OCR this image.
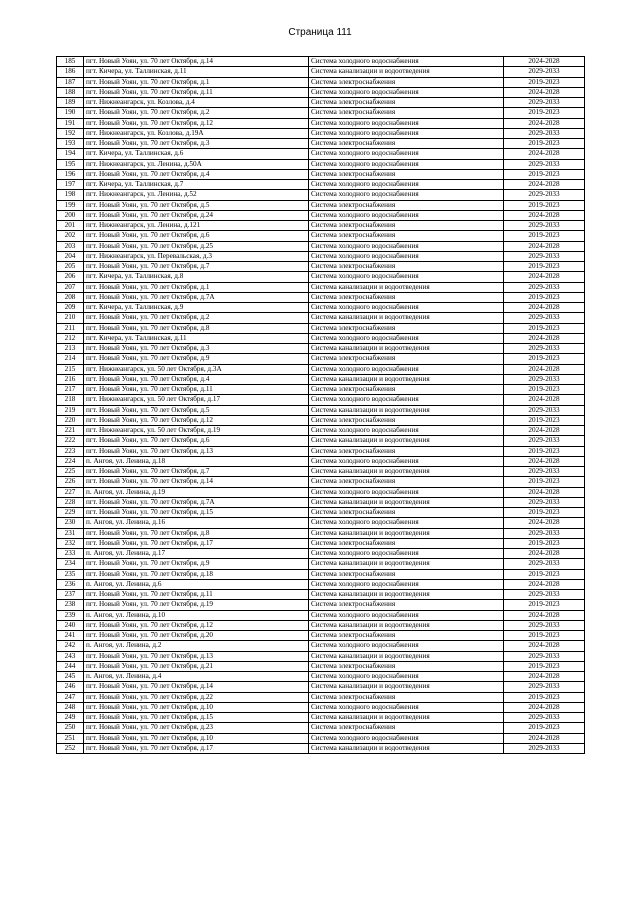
Страница 111
185	пгт. Новый Уоян, ул. 70 лет Октября, д.14	Система холодного водоснабжения	2024-2028
186	пгт. Кичера, ул. Таллинская, д.11	Система канализации и водоотведения	2029-2033
187	пгт. Новый Уоян, ул. 70 лет Октября, д.1	Система электроснабжения	2019-2023
188	пгт. Новый Уоян, ул. 70 лет Октября, д.11	Система холодного водоснабжения	2024-2028
189	пгт. Нижнеангарск, ул. Козлова, д.4	Система электроснабжения	2029-2033
190	пгт. Новый Уоян, ул. 70 лет Октября, д.2	Система электроснабжения	2019-2023
191	пгт. Новый Уоян, ул. 70 лет Октября, д.12	Система холодного водоснабжения	2024-2028
192	пгт. Нижнеангарск, ул. Козлова, д.19А	Система холодного водоснабжения	2029-2033
193	пгт. Новый Уоян, ул. 70 лет Октября, д.3	Система электроснабжения	2019-2023
194	пгт. Кичера, ул. Таллинская, д.6	Система холодного водоснабжения	2024-2028
195	пгт. Нижнеангарск, ул. Ленина, д.50А	Система холодного водоснабжения	2029-2033
196	пгт. Новый Уоян, ул. 70 лет Октября, д.4	Система электроснабжения	2019-2023
197	пгт. Кичера, ул. Таллинская, д.7	Система холодного водоснабжения	2024-2028
198	пгт. Нижнеангарск, ул. Ленина, д.52	Система холодного водоснабжения	2029-2033
199	пгт. Новый Уоян, ул. 70 лет Октября, д.5	Система электроснабжения	2019-2023
200	пгт. Новый Уоян, ул. 70 лет Октября, д.24	Система холодного водоснабжения	2024-2028
201	пгт. Нижнеангарск, ул. Ленина, д.121	Система электроснабжения	2029-2033
202	пгт. Новый Уоян, ул. 70 лет Октября, д.6	Система электроснабжения	2019-2023
203	пгт. Новый Уоян, ул. 70 лет Октября, д.25	Система холодного водоснабжения	2024-2028
204	пгт. Нижнеангарск, ул. Перевальская, д.3	Система холодного водоснабжения	2029-2033
205	пгт. Новый Уоян, ул. 70 лет Октября, д.7	Система электроснабжения	2019-2023
206	пгт. Кичера, ул. Таллинская, д.8	Система холодного водоснабжения	2024-2028
207	пгт. Новый Уоян, ул. 70 лет Октября, д.1	Система канализации и водоотведения	2029-2033
208	пгт. Новый Уоян, ул. 70 лет Октября, д.7А	Система электроснабжения	2019-2023
209	пгт. Кичера, ул. Таллинская, д.9	Система холодного водоснабжения	2024-2028
210	пгт. Новый Уоян, ул. 70 лет Октября, д.2	Система канализации и водоотведения	2029-2033
211	пгт. Новый Уоян, ул. 70 лет Октября, д.8	Система электроснабжения	2019-2023
212	пгт. Кичера, ул. Таллинская, д.11	Система холодного водоснабжения	2024-2028
213	пгт. Новый Уоян, ул. 70 лет Октября, д.3	Система канализации и водоотведения	2029-2033
214	пгт. Новый Уоян, ул. 70 лет Октября, д.9	Система электроснабжения	2019-2023
215	пгт. Нижнеангарск, ул. 50 лет Октября, д.3А	Система холодного водоснабжения	2024-2028
216	пгт. Новый Уоян, ул. 70 лет Октября, д.4	Система канализации и водоотведения	2029-2033
217	пгт. Новый Уоян, ул. 70 лет Октября, д.11	Система электроснабжения	2019-2023
218	пгт. Нижнеангарск, ул. 50 лет Октября, д.17	Система холодного водоснабжения	2024-2028
219	пгт. Новый Уоян, ул. 70 лет Октября, д.5	Система канализации и водоотведения	2029-2033
220	пгт. Новый Уоян, ул. 70 лет Октября, д.12	Система электроснабжения	2019-2023
221	пгт. Нижнеангарск, ул. 50 лет Октября, д.19	Система холодного водоснабжения	2024-2028
222	пгт. Новый Уоян, ул. 70 лет Октября, д.6	Система канализации и водоотведения	2029-2033
223	пгт. Новый Уоян, ул. 70 лет Октября, д.13	Система электроснабжения	2019-2023
224	п. Ангоя, ул. Ленина, д.18	Система холодного водоснабжения	2024-2028
225	пгт. Новый Уоян, ул. 70 лет Октября, д.7	Система канализации и водоотведения	2029-2033
226	пгт. Новый Уоян, ул. 70 лет Октября, д.14	Система электроснабжения	2019-2023
227	п. Ангоя, ул. Ленина, д.19	Система холодного водоснабжения	2024-2028
228	пгт. Новый Уоян, ул. 70 лет Октября, д.7А	Система канализации и водоотведения	2029-2033
229	пгт. Новый Уоян, ул. 70 лет Октября, д.15	Система электроснабжения	2019-2023
230	п. Ангоя, ул. Ленина, д.16	Система холодного водоснабжения	2024-2028
231	пгт. Новый Уоян, ул. 70 лет Октября, д.8	Система канализации и водоотведения	2029-2033
232	пгт. Новый Уоян, ул. 70 лет Октября, д.17	Система электроснабжения	2019-2023
233	п. Ангоя, ул. Ленина, д.17	Система холодного водоснабжения	2024-2028
234	пгт. Новый Уоян, ул. 70 лет Октября, д.9	Система канализации и водоотведения	2029-2033
235	пгт. Новый Уоян, ул. 70 лет Октября, д.18	Система электроснабжения	2019-2023
236	п. Ангоя, ул. Ленина, д.6	Система холодного водоснабжения	2024-2028
237	пгт. Новый Уоян, ул. 70 лет Октября, д.11	Система канализации и водоотведения	2029-2033
238	пгт. Новый Уоян, ул. 70 лет Октября, д.19	Система электроснабжения	2019-2023
239	п. Ангоя, ул. Ленина, д.10	Система холодного водоснабжения	2024-2028
240	пгт. Новый Уоян, ул. 70 лет Октября, д.12	Система канализации и водоотведения	2029-2033
241	пгт. Новый Уоян, ул. 70 лет Октября, д.20	Система электроснабжения	2019-2023
242	п. Ангоя, ул. Ленина, д.2	Система холодного водоснабжения	2024-2028
243	пгт. Новый Уоян, ул. 70 лет Октября, д.13	Система канализации и водоотведения	2029-2033
244	пгт. Новый Уоян, ул. 70 лет Октября, д.21	Система электроснабжения	2019-2023
245	п. Ангоя, ул. Ленина, д.4	Система холодного водоснабжения	2024-2028
246	пгт. Новый Уоян, ул. 70 лет Октября, д.14	Система канализации и водоотведения	2029-2033
247	пгт. Новый Уоян, ул. 70 лет Октября, д.22	Система электроснабжения	2019-2023
248	пгт. Новый Уоян, ул. 70 лет Октября, д.10	Система холодного водоснабжения	2024-2028
249	пгт. Новый Уоян, ул. 70 лет Октября, д.15	Система канализации и водоотведения	2029-2033
250	пгт. Новый Уоян, ул. 70 лет Октября, д.23	Система электроснабжения	2019-2023
251	пгт. Новый Уоян, ул. 70 лет Октября, д.10	Система холодного водоснабжения	2024-2028
252	пгт. Новый Уоян, ул. 70 лет Октября, д.17	Система канализации и водоотведения	2029-2033
